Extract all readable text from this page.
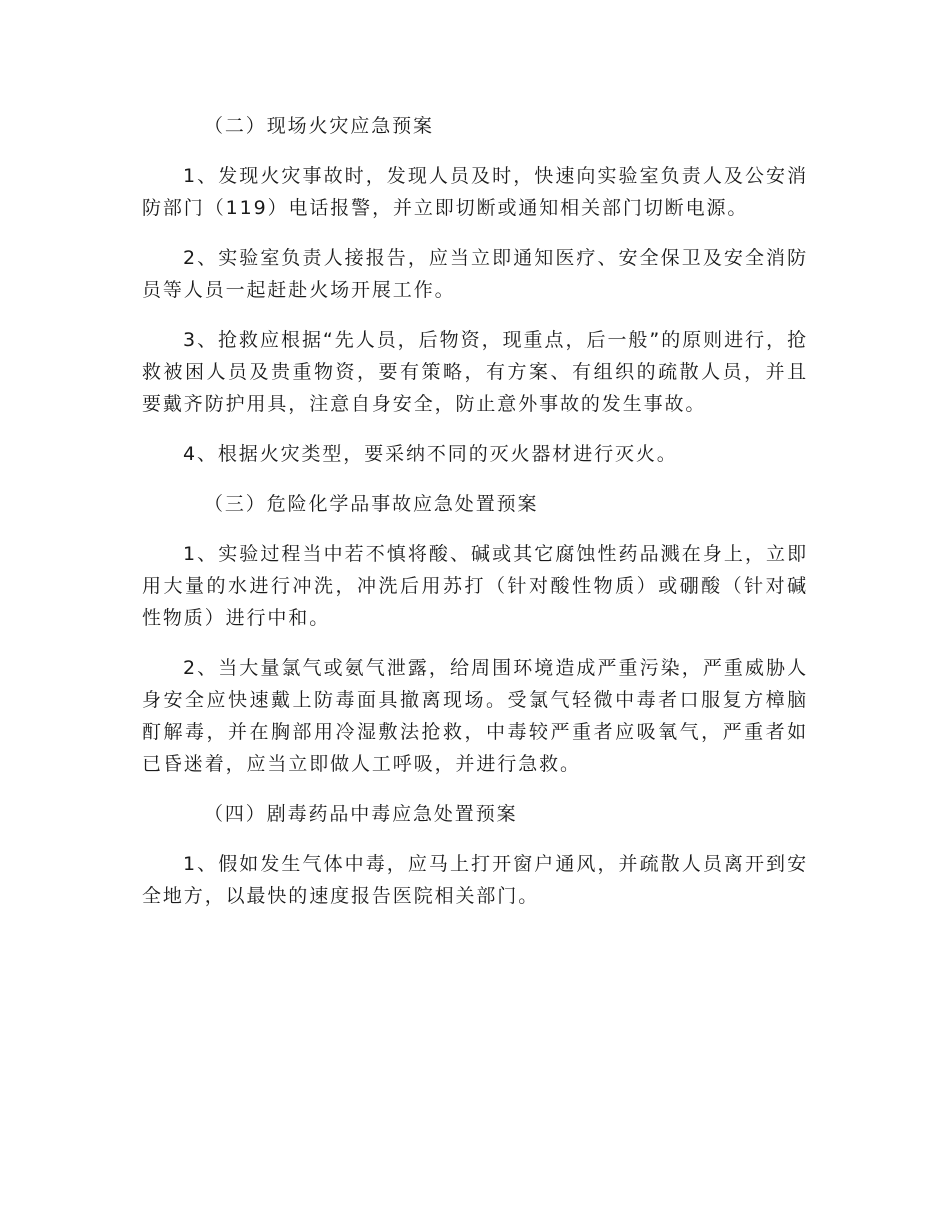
（二）现场火灾应急预案

1、发现火灾事故时，发现人员及时，快速向实验室负责人及公安消防部门（119）电话报警，并立即切断或通知相关部门切断电源。

2、实验室负责人接报告，应当立即通知医疗、安全保卫及安全消防员等人员一起赶赴火场开展工作。

3、抢救应根据“先人员，后物资，现重点，后一般”的原则进行，抢救被困人员及贵重物资，要有策略，有方案、有组织的疏散人员，并且要戴齐防护用具，注意自身安全，防止意外事故的发生事故。

4、根据火灾类型，要采纳不同的灭火器材进行灭火。

（三）危险化学品事故应急处置预案

1、实验过程当中若不慎将酸、碱或其它腐蚀性药品溅在身上，立即用大量的水进行冲洗，冲洗后用苏打（针对酸性物质）或硼酸（针对碱性物质）进行中和。

2、当大量氯气或氨气泄露，给周围环境造成严重污染，严重威胁人身安全应快速戴上防毒面具撤离现场。受氯气轻微中毒者口服复方樟脑酊解毒，并在胸部用冷湿敷法抢救，中毒较严重者应吸氧气，严重者如已昏迷着，应当立即做人工呼吸，并进行急救。

（四）剧毒药品中毒应急处置预案

1、假如发生气体中毒，应马上打开窗户通风，并疏散人员离开到安全地方，以最快的速度报告医院相关部门。
